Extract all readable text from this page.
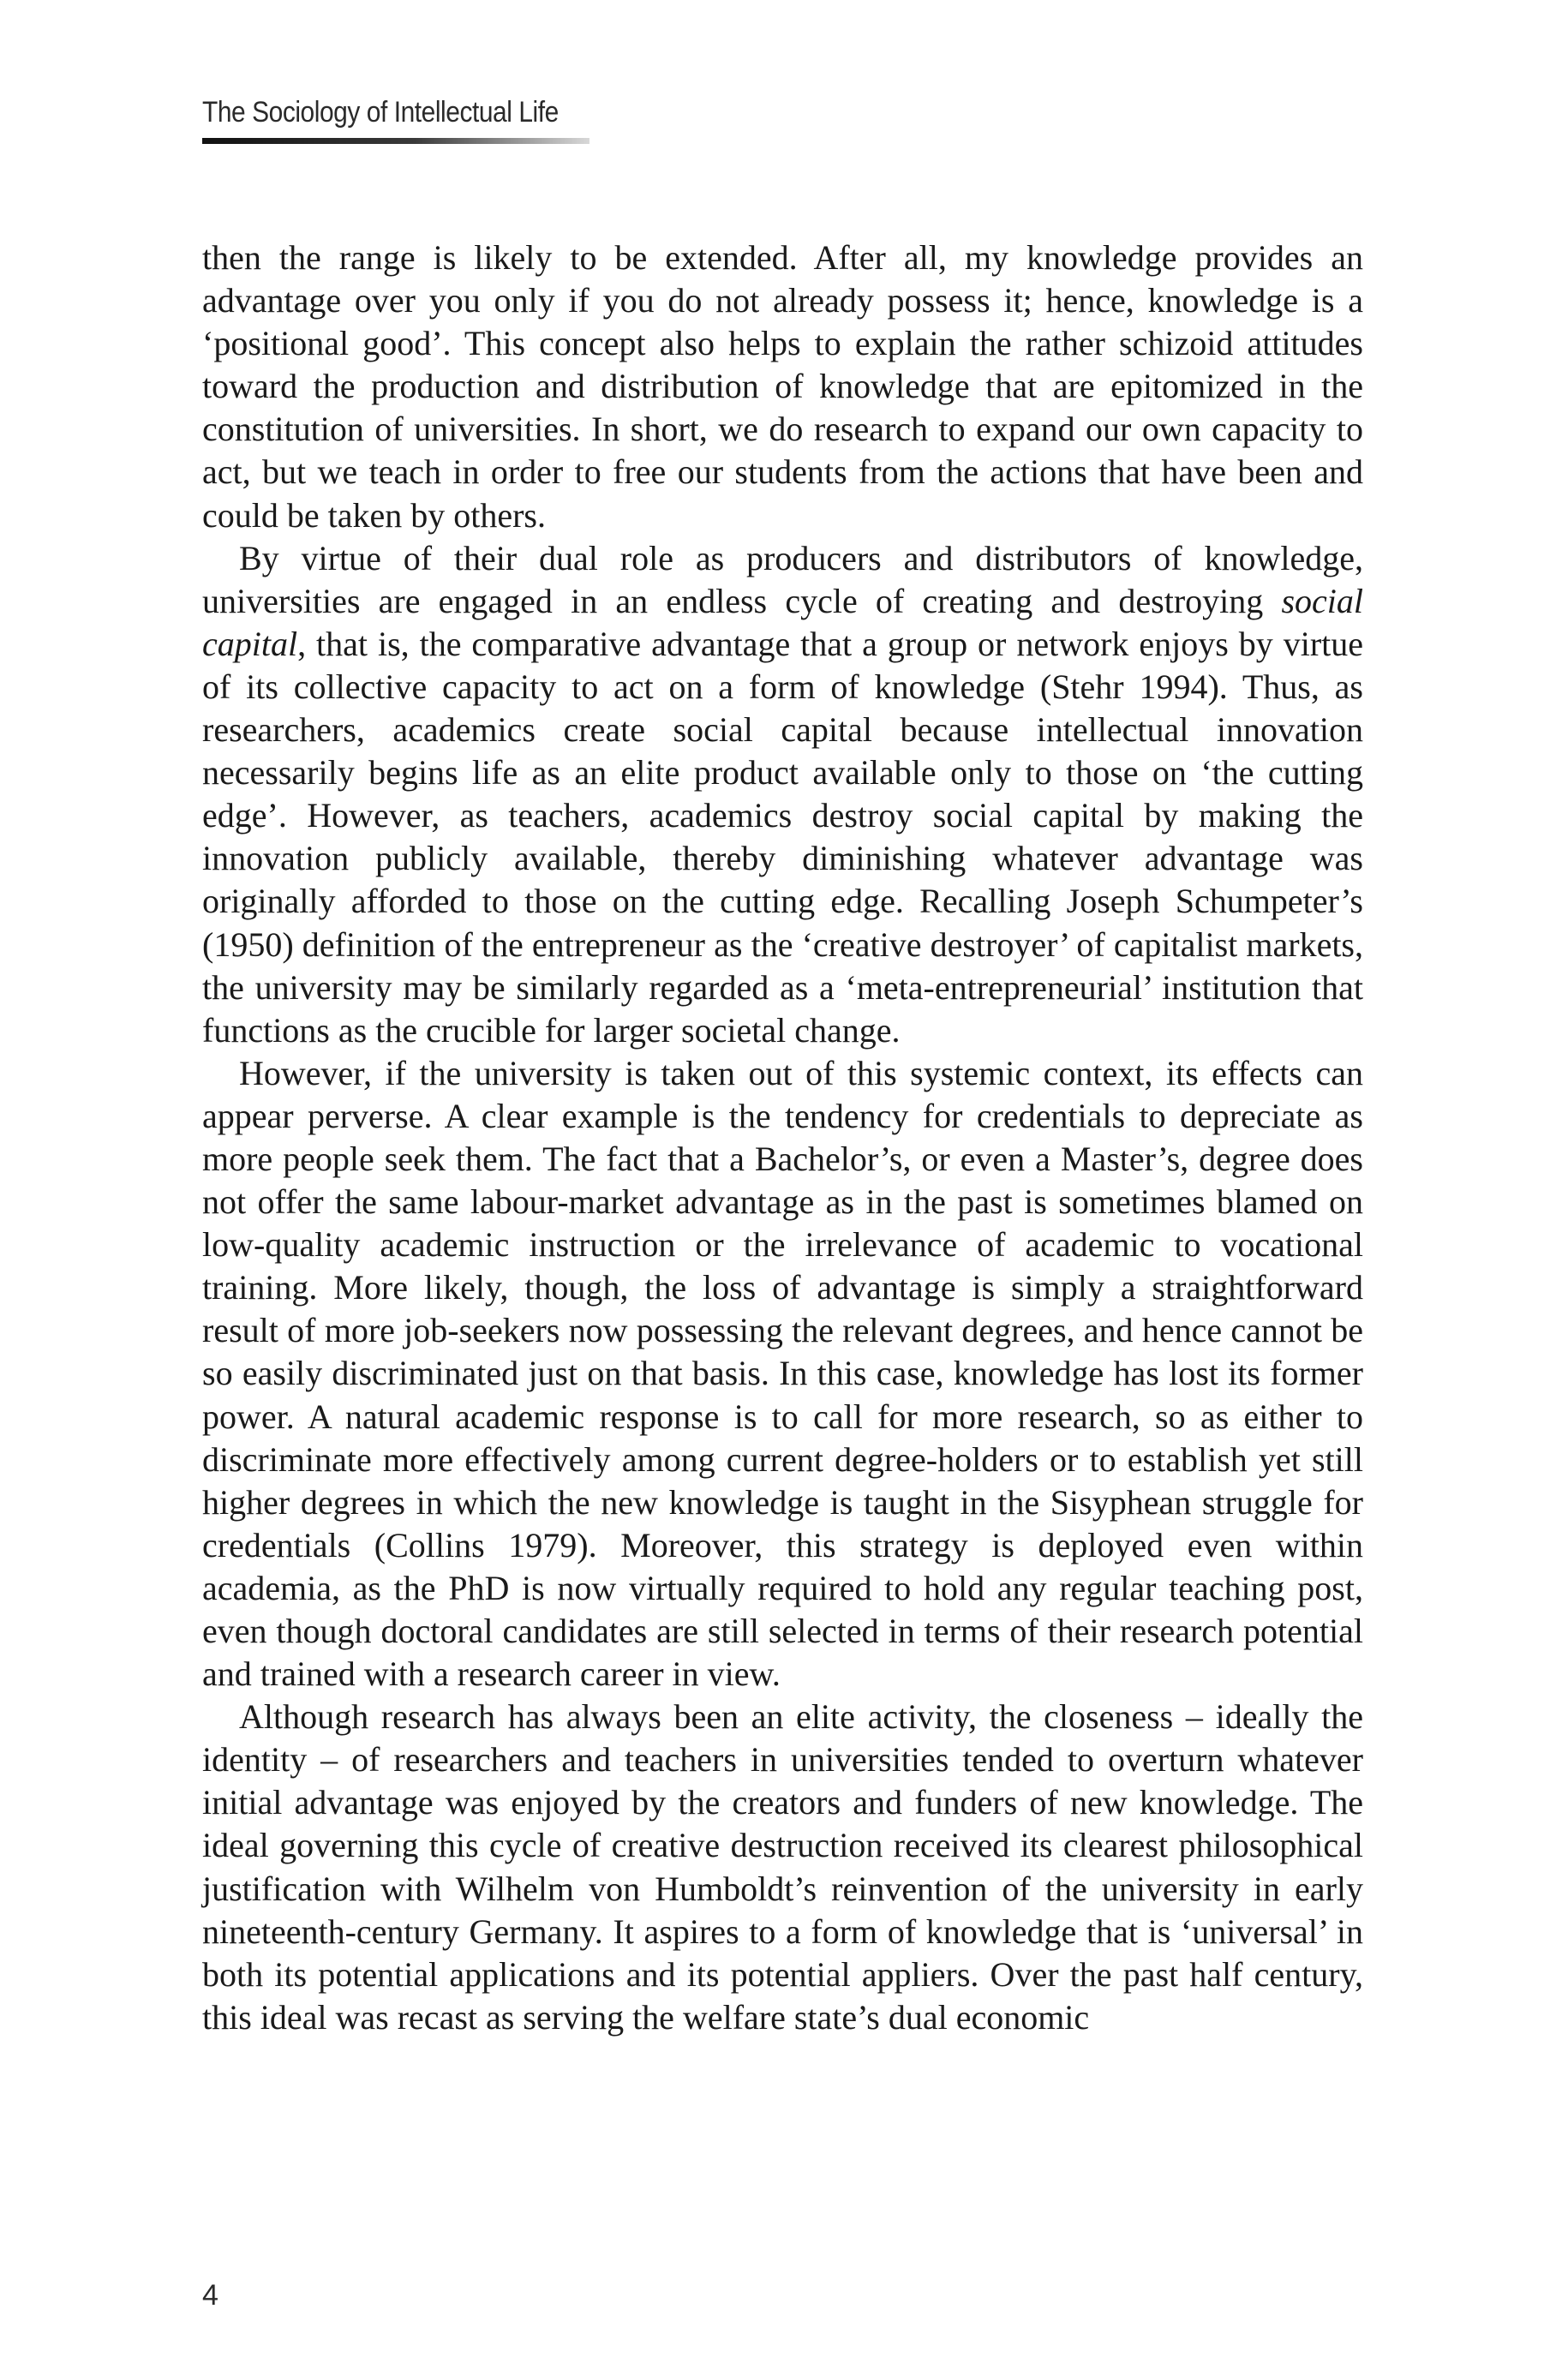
The Sociology of Intellectual Life

then the range is likely to be extended. After all, my knowledge provides an advantage over you only if you do not already possess it; hence, knowledge is a ‘positional good’. This concept also helps to explain the rather schizoid attitudes toward the production and distribution of knowledge that are epitomized in the constitution of universities. In short, we do research to expand our own capacity to act, but we teach in order to free our students from the actions that have been and could be taken by others.

By virtue of their dual role as producers and distributors of knowledge, universities are engaged in an endless cycle of creating and destroying social capital, that is, the comparative advantage that a group or network enjoys by virtue of its collective capacity to act on a form of knowledge (Stehr 1994). Thus, as researchers, academics create social capital because intellectual innovation necessarily begins life as an elite product available only to those on ‘the cutting edge’. However, as teachers, academics destroy social capital by making the innovation publicly available, thereby diminishing whatever advantage was originally afforded to those on the cutting edge. Recalling Joseph Schumpeter’s (1950) definition of the entrepreneur as the ‘creative destroyer’ of capitalist markets, the university may be similarly regarded as a ‘meta-entrepreneurial’ institution that functions as the crucible for larger societal change.

However, if the university is taken out of this systemic context, its effects can appear perverse. A clear example is the tendency for credentials to depreciate as more people seek them. The fact that a Bachelor’s, or even a Master’s, degree does not offer the same labour-market advantage as in the past is sometimes blamed on low-quality academic instruction or the irrelevance of academic to vocational training. More likely, though, the loss of advantage is simply a straightforward result of more job-seekers now possessing the relevant degrees, and hence cannot be so easily discriminated just on that basis. In this case, knowledge has lost its former power. A natural academic response is to call for more research, so as either to discriminate more effectively among current degree-holders or to establish yet still higher degrees in which the new knowledge is taught in the Sisyphean struggle for credentials (Collins 1979). Moreover, this strategy is deployed even within academia, as the PhD is now virtually required to hold any regular teaching post, even though doctoral candidates are still selected in terms of their research potential and trained with a research career in view.

Although research has always been an elite activity, the closeness – ideally the identity – of researchers and teachers in universities tended to overturn whatever initial advantage was enjoyed by the creators and funders of new knowledge. The ideal governing this cycle of creative destruction received its clearest philosophical justification with Wilhelm von Humboldt’s reinvention of the university in early nineteenth-century Germany. It aspires to a form of knowledge that is ‘universal’ in both its potential applications and its potential appliers. Over the past half century, this ideal was recast as serving the welfare state’s dual economic

4
